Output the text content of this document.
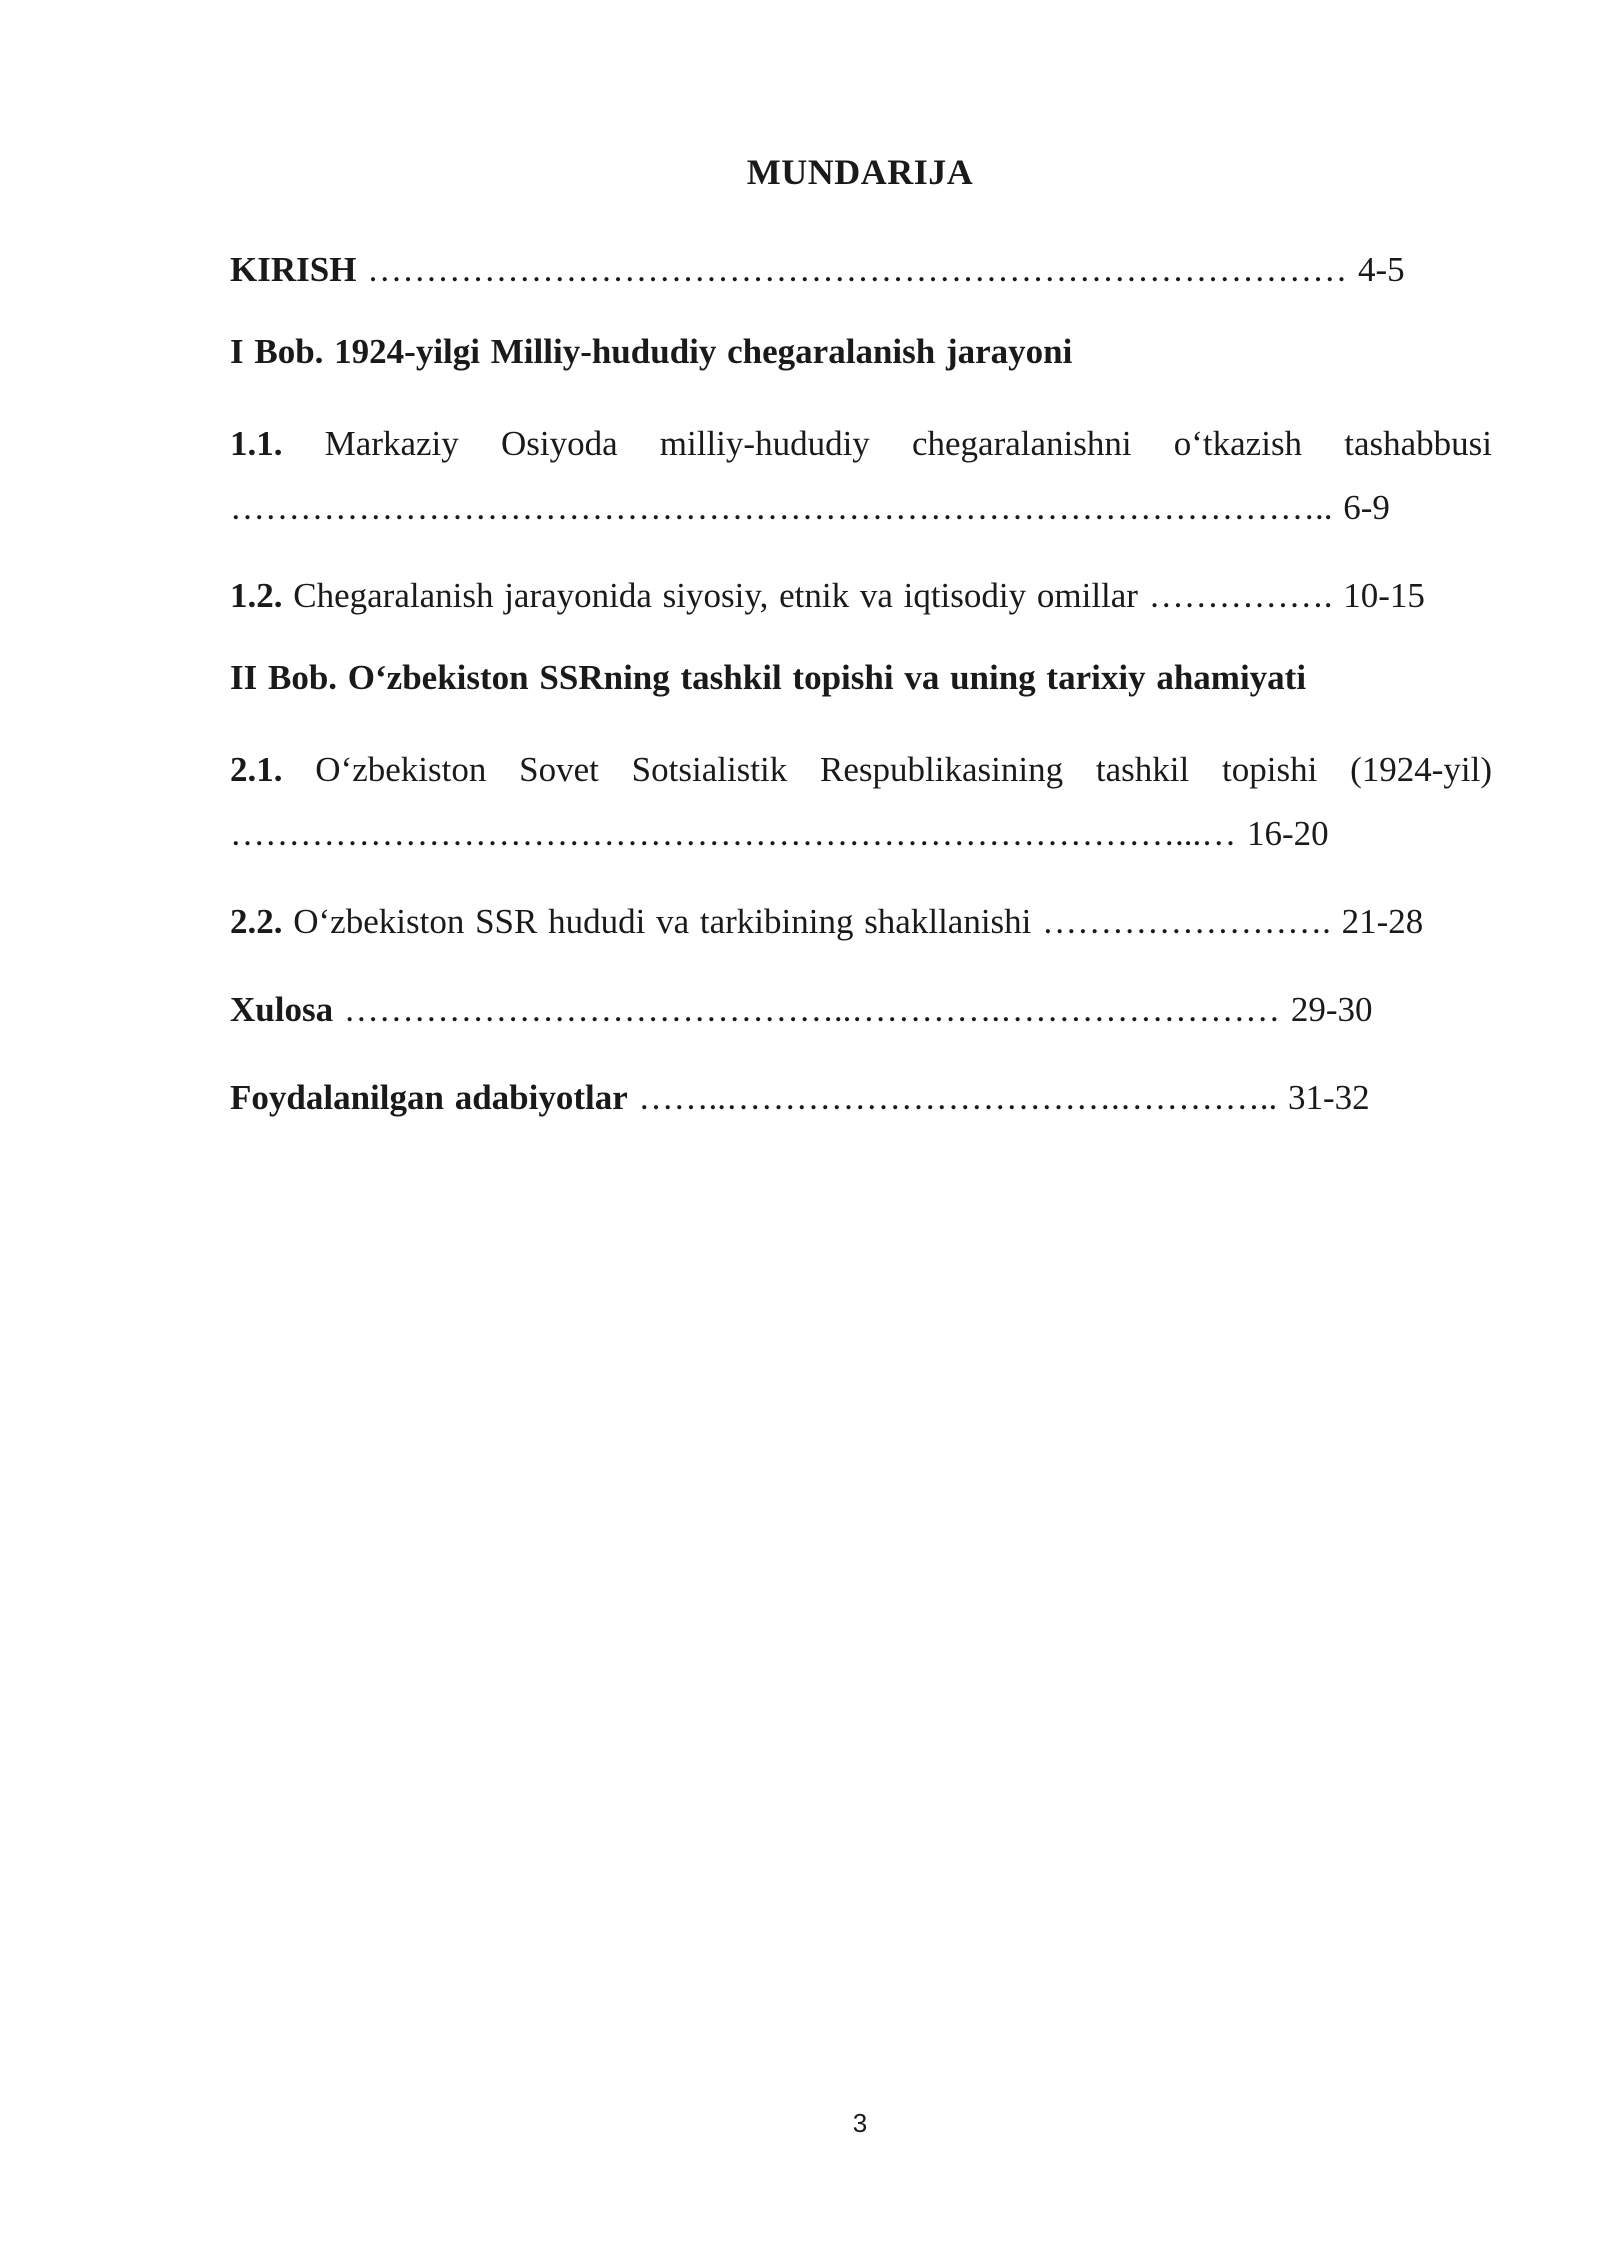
MUNDARIJA

KIRISH ………………………………………………………………………… 4-5

I Bob. 1924-yilgi Milliy-hududiy chegaralanish jarayoni

1.1. Markaziy Osiyoda milliy-hududiy chegaralanishni o‘tkazish tashabbusi ………………………………………………………………………………….. 6-9

1.2. Chegaralanish jarayonida siyosiy, etnik va iqtisodiy omillar ……………. 10-15

II Bob. O‘zbekiston SSRning tashkil topishi va uning tarixiy ahamiyati

2.1. O‘zbekiston Sovet Sotsialistik Respublikasining tashkil topishi (1924-yil) ………………………………………………………………………...… 16-20

2.2. O‘zbekiston SSR hududi va tarkibining shakllanishi ……………………. 21-28

Xulosa ……………………………………..………….…………………… 29-30

Foydalanilgan adabiyotlar ……..…………………………….………….. 31-32

3
